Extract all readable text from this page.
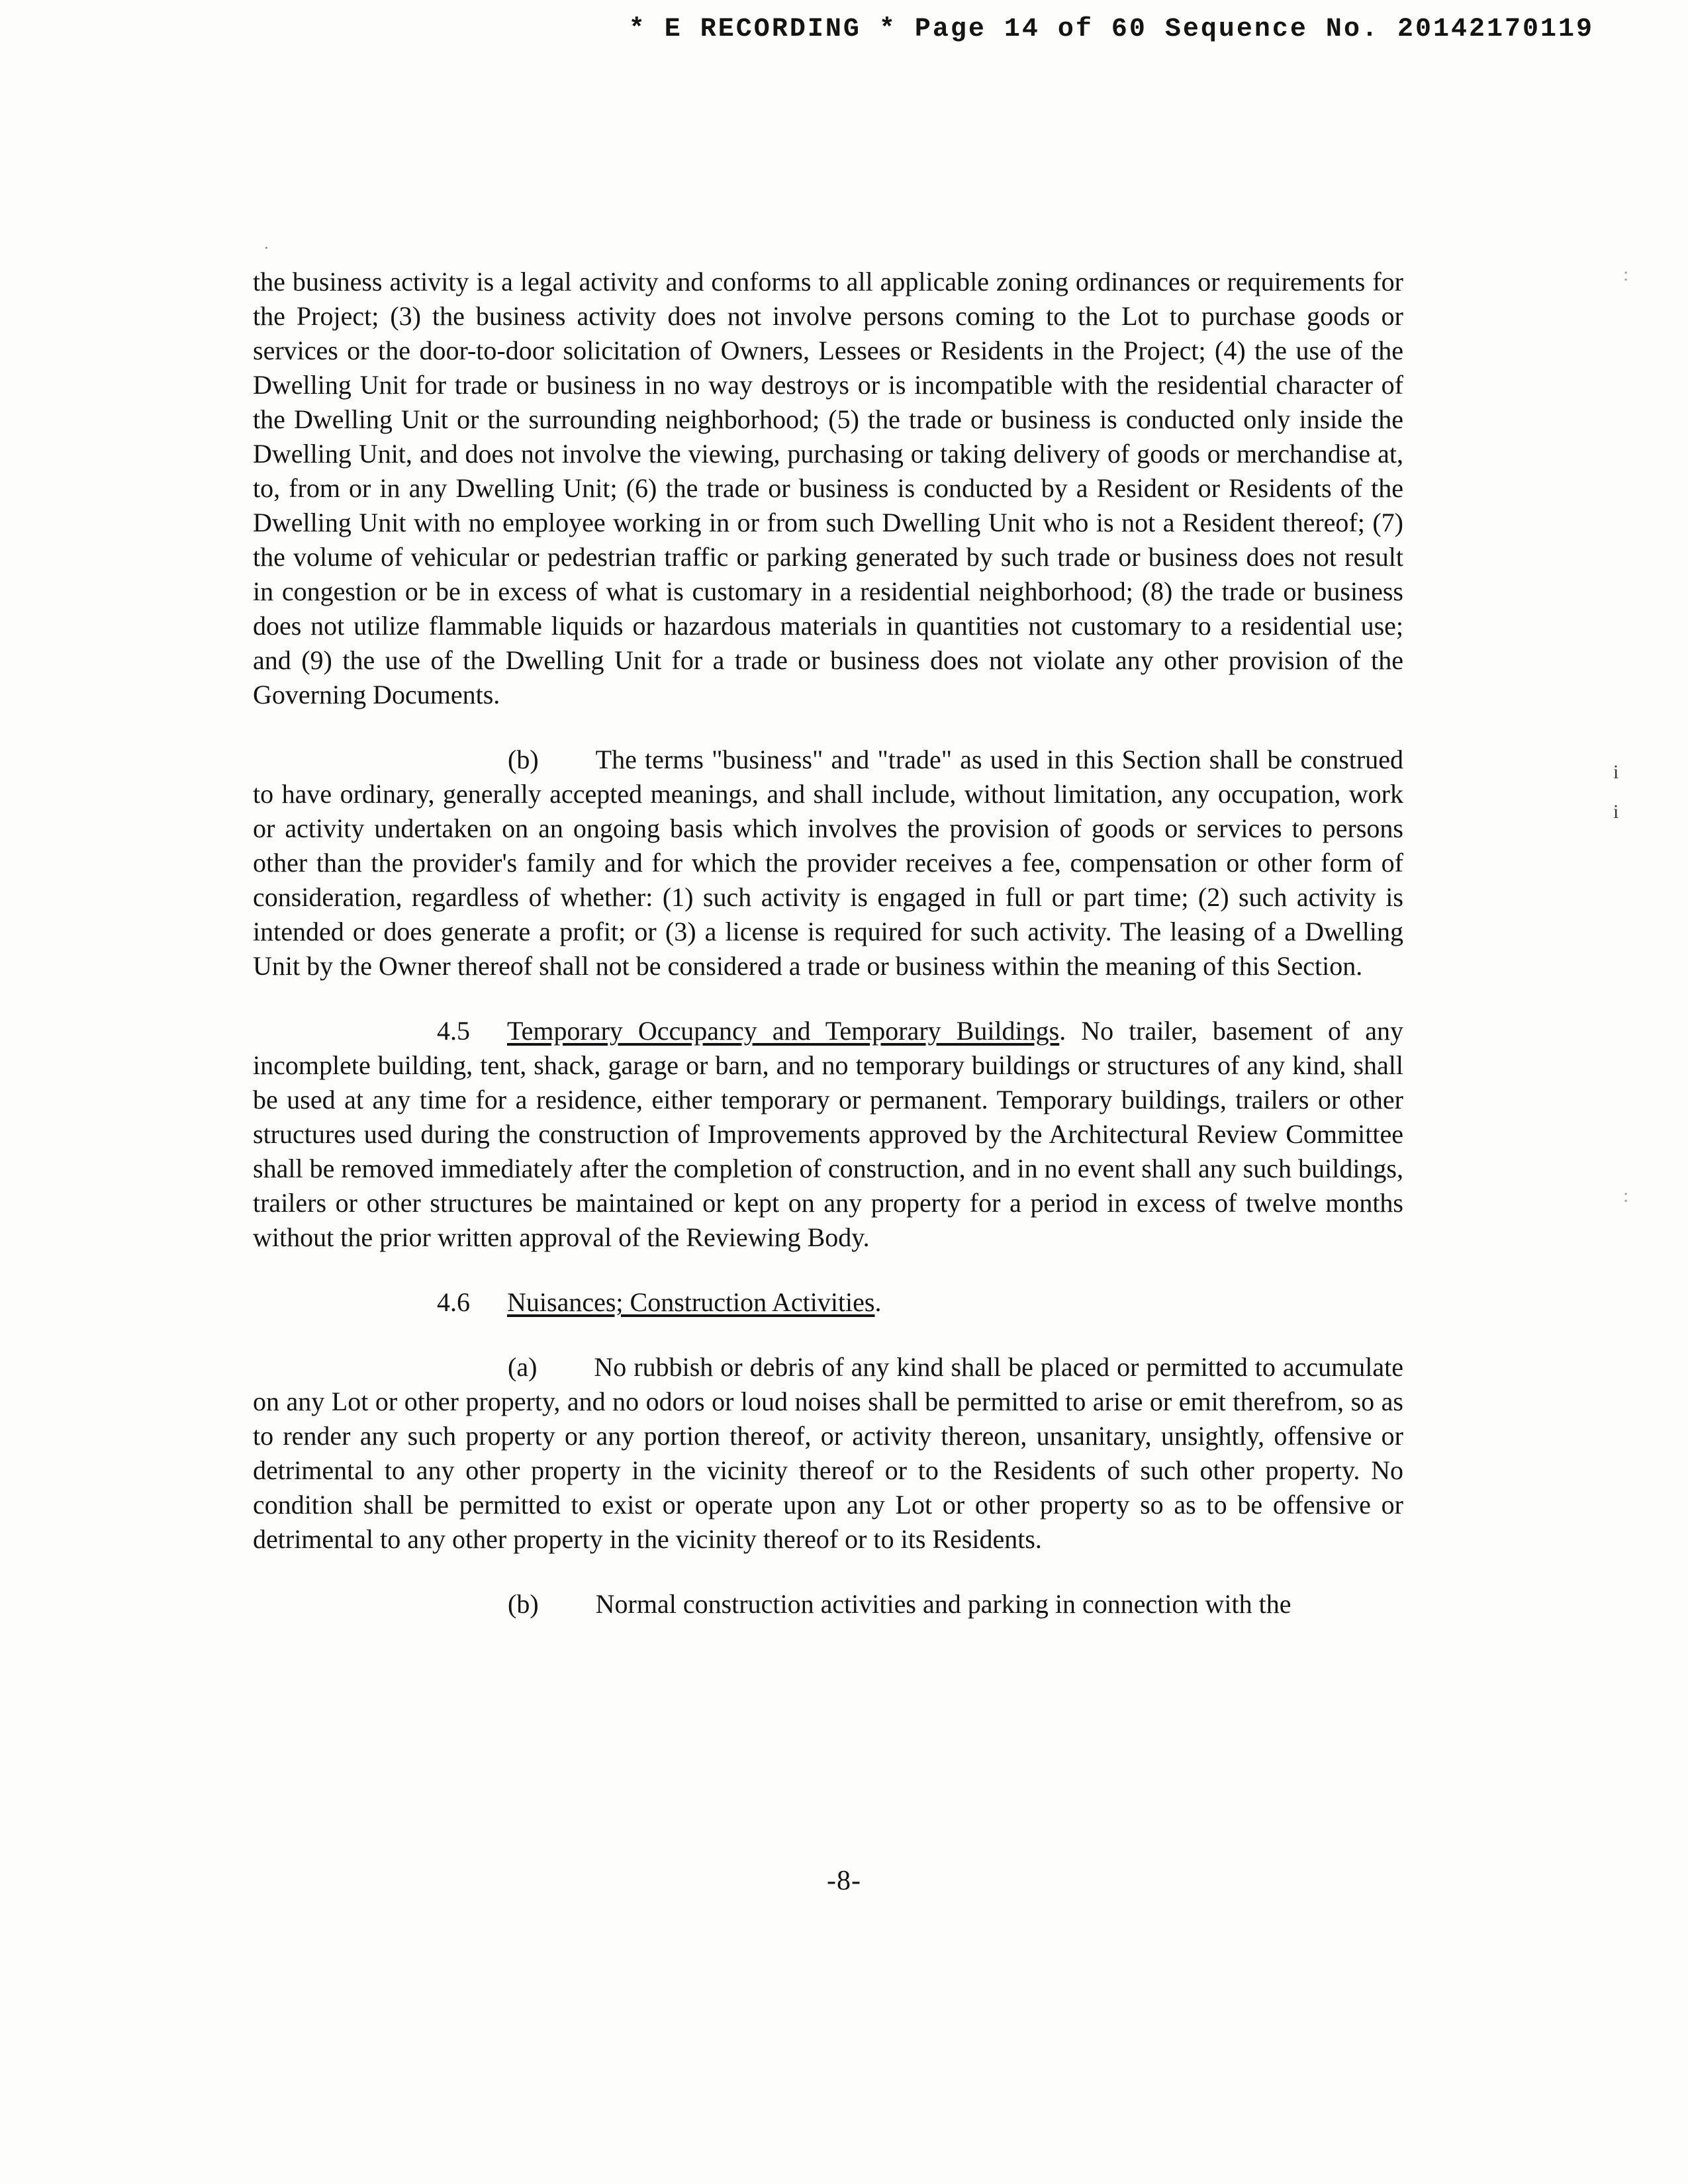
* E RECORDING * Page 14 of 60 Sequence No. 20142170119

the business activity is a legal activity and conforms to all applicable zoning ordinances or requirements for the Project; (3) the business activity does not involve persons coming to the Lot to purchase goods or services or the door-to-door solicitation of Owners, Lessees or Residents in the Project; (4) the use of the Dwelling Unit for trade or business in no way destroys or is incompatible with the residential character of the Dwelling Unit or the surrounding neighborhood; (5) the trade or business is conducted only inside the Dwelling Unit, and does not involve the viewing, purchasing or taking delivery of goods or merchandise at, to, from or in any Dwelling Unit; (6) the trade or business is conducted by a Resident or Residents of the Dwelling Unit with no employee working in or from such Dwelling Unit who is not a Resident thereof; (7) the volume of vehicular or pedestrian traffic or parking generated by such trade or business does not result in congestion or be in excess of what is customary in a residential neighborhood; (8) the trade or business does not utilize flammable liquids or hazardous materials in quantities not customary to a residential use; and (9) the use of the Dwelling Unit for a trade or business does not violate any other provision of the Governing Documents.

(b) The terms "business" and "trade" as used in this Section shall be construed to have ordinary, generally accepted meanings, and shall include, without limitation, any occupation, work or activity undertaken on an ongoing basis which involves the provision of goods or services to persons other than the provider's family and for which the provider receives a fee, compensation or other form of consideration, regardless of whether: (1) such activity is engaged in full or part time; (2) such activity is intended or does generate a profit; or (3) a license is required for such activity. The leasing of a Dwelling Unit by the Owner thereof shall not be considered a trade or business within the meaning of this Section.

4.5 Temporary Occupancy and Temporary Buildings. No trailer, basement of any incomplete building, tent, shack, garage or barn, and no temporary buildings or structures of any kind, shall be used at any time for a residence, either temporary or permanent. Temporary buildings, trailers or other structures used during the construction of Improvements approved by the Architectural Review Committee shall be removed immediately after the completion of construction, and in no event shall any such buildings, trailers or other structures be maintained or kept on any property for a period in excess of twelve months without the prior written approval of the Reviewing Body.

4.6 Nuisances; Construction Activities.

(a) No rubbish or debris of any kind shall be placed or permitted to accumulate on any Lot or other property, and no odors or loud noises shall be permitted to arise or emit therefrom, so as to render any such property or any portion thereof, or activity thereon, unsanitary, unsightly, offensive or detrimental to any other property in the vicinity thereof or to the Residents of such other property. No condition shall be permitted to exist or operate upon any Lot or other property so as to be offensive or detrimental to any other property in the vicinity thereof or to its Residents.

(b) Normal construction activities and parking in connection with the

-8-
i
i
:
:
·
